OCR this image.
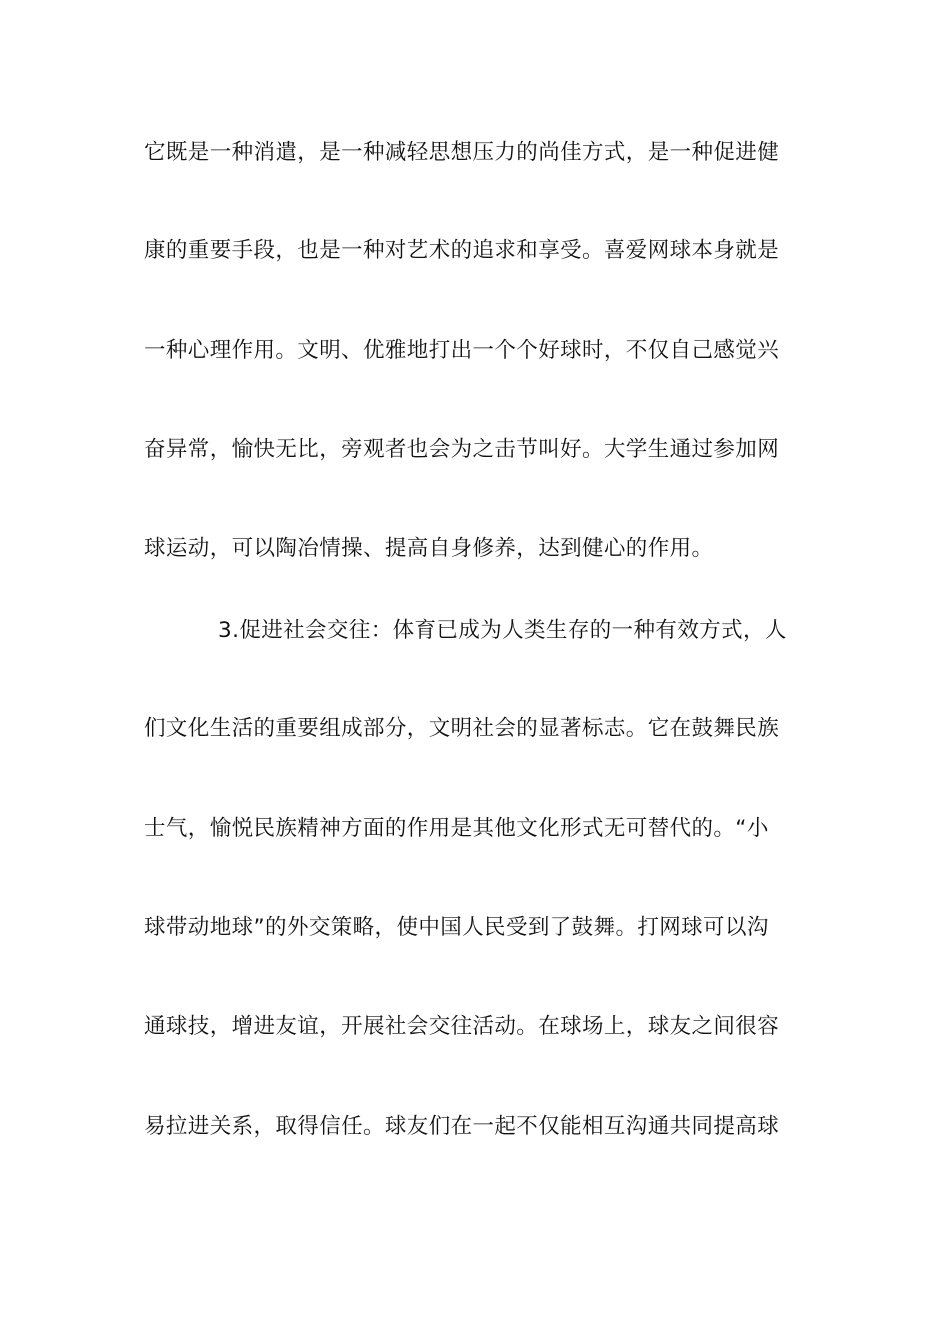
它既是一种消遣，是一种减轻思想压力的尚佳方式，是一种促进健
康的重要手段，也是一种对艺术的追求和享受。喜爱网球本身就是
一种心理作用。文明、优雅地打出一个个好球时，不仅自己感觉兴
奋异常，愉快无比，旁观者也会为之击节叫好。大学生通过参加网
球运动，可以陶冶情操、提高自身修养，达到健心的作用。
3.促进社会交往：体育已成为人类生存的一种有效方式，人
们文化生活的重要组成部分，文明社会的显著标志。它在鼓舞民族
士气，愉悦民族精神方面的作用是其他文化形式无可替代的。“小
球带动地球”的外交策略，使中国人民受到了鼓舞。打网球可以沟
通球技，增进友谊，开展社会交往活动。在球场上，球友之间很容
易拉进关系，取得信任。球友们在一起不仅能相互沟通共同提高球
